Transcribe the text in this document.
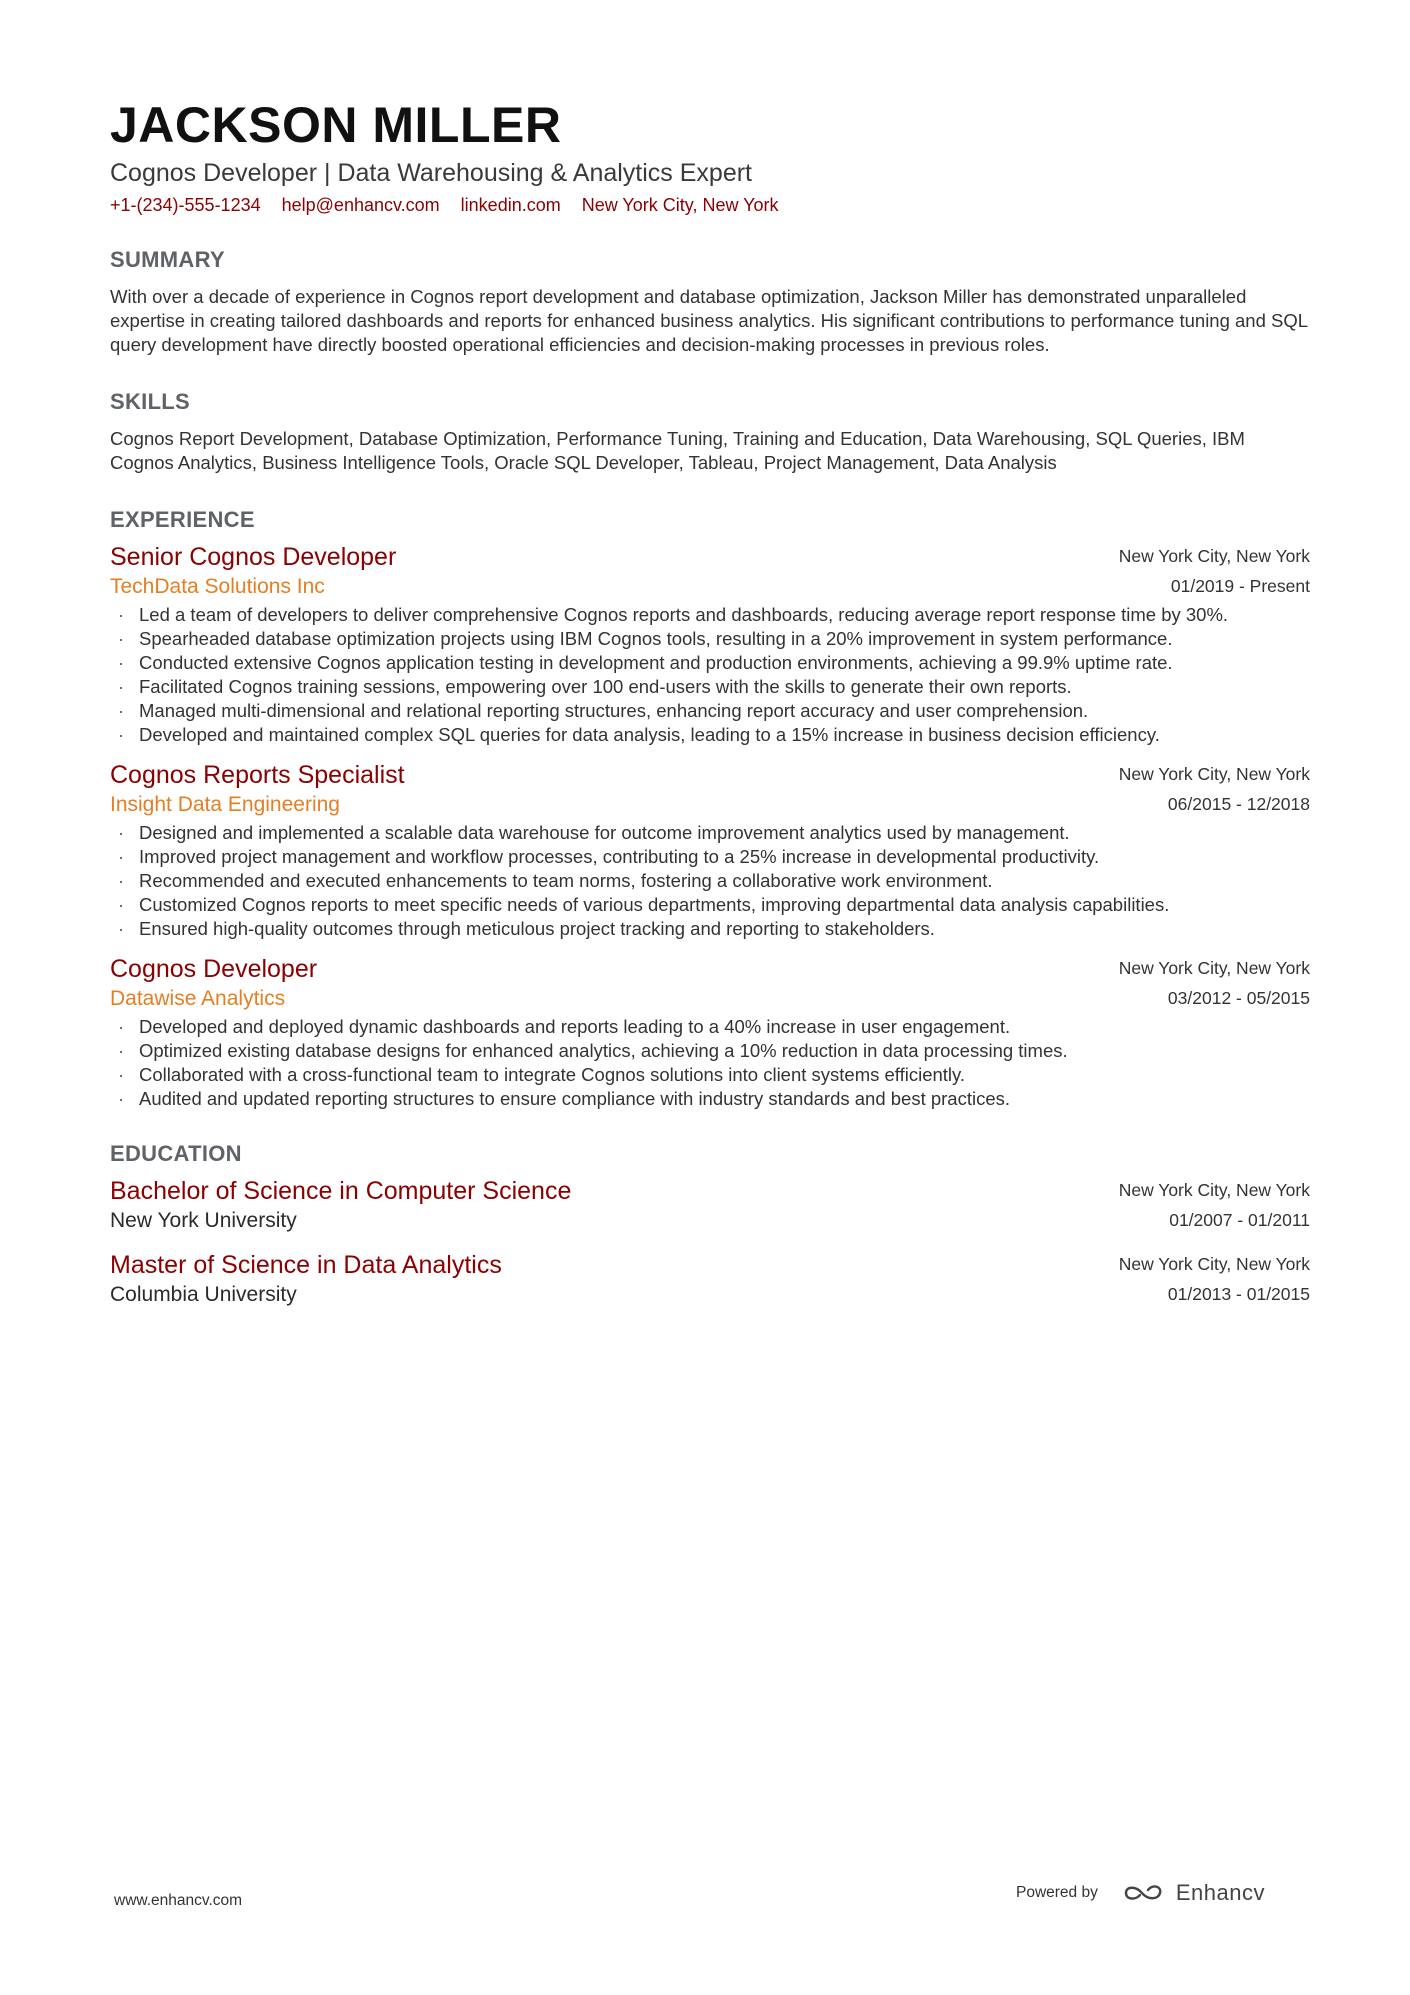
JACKSON MILLER
Cognos Developer | Data Warehousing & Analytics Expert
+1-(234)-555-1234 help@enhancv.com linkedin.com New York City, New York
SUMMARY
With over a decade of experience in Cognos report development and database optimization, Jackson Miller has demonstrated unparalleled expertise in creating tailored dashboards and reports for enhanced business analytics. His significant contributions to performance tuning and SQL query development have directly boosted operational efficiencies and decision-making processes in previous roles.
SKILLS
Cognos Report Development, Database Optimization, Performance Tuning, Training and Education, Data Warehousing, SQL Queries, IBM Cognos Analytics, Business Intelligence Tools, Oracle SQL Developer, Tableau, Project Management, Data Analysis
EXPERIENCE
Senior Cognos Developer
TechData Solutions Inc
New York City, New York
01/2019 - Present
· Led a team of developers to deliver comprehensive Cognos reports and dashboards, reducing average report response time by 30%.
· Spearheaded database optimization projects using IBM Cognos tools, resulting in a 20% improvement in system performance.
· Conducted extensive Cognos application testing in development and production environments, achieving a 99.9% uptime rate.
· Facilitated Cognos training sessions, empowering over 100 end-users with the skills to generate their own reports.
· Managed multi-dimensional and relational reporting structures, enhancing report accuracy and user comprehension.
· Developed and maintained complex SQL queries for data analysis, leading to a 15% increase in business decision efficiency.
Cognos Reports Specialist
Insight Data Engineering
New York City, New York
06/2015 - 12/2018
· Designed and implemented a scalable data warehouse for outcome improvement analytics used by management.
· Improved project management and workflow processes, contributing to a 25% increase in developmental productivity.
· Recommended and executed enhancements to team norms, fostering a collaborative work environment.
· Customized Cognos reports to meet specific needs of various departments, improving departmental data analysis capabilities.
· Ensured high-quality outcomes through meticulous project tracking and reporting to stakeholders.
Cognos Developer
Datawise Analytics
New York City, New York
03/2012 - 05/2015
· Developed and deployed dynamic dashboards and reports leading to a 40% increase in user engagement.
· Optimized existing database designs for enhanced analytics, achieving a 10% reduction in data processing times.
· Collaborated with a cross-functional team to integrate Cognos solutions into client systems efficiently.
· Audited and updated reporting structures to ensure compliance with industry standards and best practices.
EDUCATION
Bachelor of Science in Computer Science
New York University
New York City, New York
01/2007 - 01/2011
Master of Science in Data Analytics
Columbia University
New York City, New York
01/2013 - 01/2015
www.enhancv.com	Powered by	Enhancv
